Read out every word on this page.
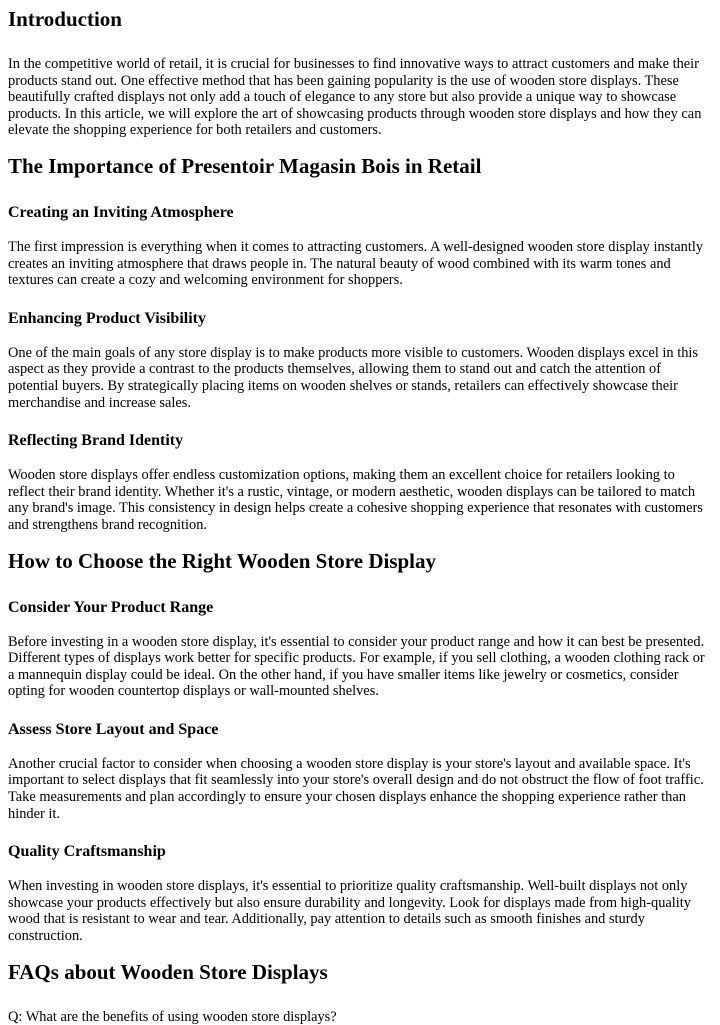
Introduction

In the competitive world of retail, it is crucial for businesses to find innovative ways to attract customers and make their products stand out. One effective method that has been gaining popularity is the use of wooden store displays. These beautifully crafted displays not only add a touch of elegance to any store but also provide a unique way to showcase products. In this article, we will explore the art of showcasing products through wooden store displays and how they can elevate the shopping experience for both retailers and customers.

The Importance of Presentoir Magasin Bois in Retail
Creating an Inviting Atmosphere

The first impression is everything when it comes to attracting customers. A well-designed wooden store display instantly creates an inviting atmosphere that draws people in. The natural beauty of wood combined with its warm tones and textures can create a cozy and welcoming environment for shoppers.

Enhancing Product Visibility

One of the main goals of any store display is to make products more visible to customers. Wooden displays excel in this aspect as they provide a contrast to the products themselves, allowing them to stand out and catch the attention of potential buyers. By strategically placing items on wooden shelves or stands, retailers can effectively showcase their merchandise and increase sales.

Reflecting Brand Identity

Wooden store displays offer endless customization options, making them an excellent choice for retailers looking to reflect their brand identity. Whether it's a rustic, vintage, or modern aesthetic, wooden displays can be tailored to match any brand's image. This consistency in design helps create a cohesive shopping experience that resonates with customers and strengthens brand recognition.

How to Choose the Right Wooden Store Display
Consider Your Product Range

Before investing in a wooden store display, it's essential to consider your product range and how it can best be presented. Different types of displays work better for specific products. For example, if you sell clothing, a wooden clothing rack or a mannequin display could be ideal. On the other hand, if you have smaller items like jewelry or cosmetics, consider opting for wooden countertop displays or wall-mounted shelves.

Assess Store Layout and Space

Another crucial factor to consider when choosing a wooden store display is your store's layout and available space. It's important to select displays that fit seamlessly into your store's overall design and do not obstruct the flow of foot traffic. Take measurements and plan accordingly to ensure your chosen displays enhance the shopping experience rather than hinder it.

Quality Craftsmanship

When investing in wooden store displays, it's essential to prioritize quality craftsmanship. Well-built displays not only showcase your products effectively but also ensure durability and longevity. Look for displays made from high-quality wood that is resistant to wear and tear. Additionally, pay attention to details such as smooth finishes and sturdy construction.

FAQs about Wooden Store Displays

Q: What are the benefits of using wooden store displays?
